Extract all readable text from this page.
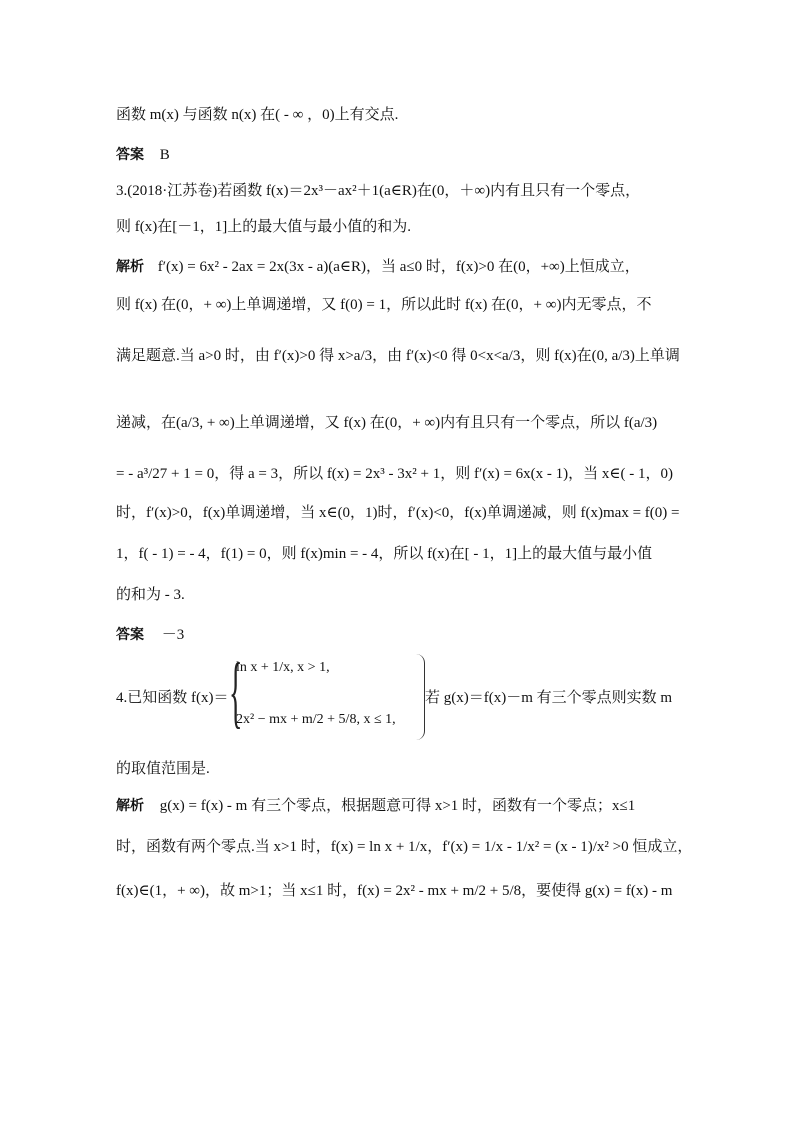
函数 m(x) 与函数 n(x) 在( - ∞ ，0)上有交点.
答案 B
3.(2018·江苏卷)若函数 f(x)＝2x³－ax²＋1(a∈R)在(0，＋∞)内有且只有一个零点，
则 f(x)在[－1，1]上的最大值与最小值的和为.
解析 f′(x) = 6x² - 2ax = 2x(3x - a)(a∈R)，当 a≤0 时，f(x)>0 在(0，+∞)上恒成立，
则 f(x) 在(0，+ ∞)上单调递增，又 f(0) = 1，所以此时 f(x) 在(0，+ ∞)内无零点，不
满足题意.当 a>0 时，由 f′(x)>0 得 x>a/3，由 f′(x)<0 得 0<x<a/3，则 f(x)在(0, a/3)上单调
递减，在(a/3, + ∞)上单调递增，又 f(x) 在(0，+ ∞)内有且只有一个零点，所以 f(a/3)
= - a³/27 + 1 = 0，得 a = 3，所以 f(x) = 2x³ - 3x² + 1，则 f′(x) = 6x(x - 1)，当 x∈( - 1，0)
时，f′(x)>0，f(x)单调递增，当 x∈(0，1)时，f′(x)<0，f(x)单调递减，则 f(x)max = f(0) =
1，f( - 1) = - 4，f(1) = 0，则 f(x)min = - 4，所以 f(x)在[ - 1，1]上的最大值与最小值
的和为 - 3.
答案 －3
4.已知函数 f(x)＝ {
ln x + 1/x, x > 1,
2x² − mx + m/2 + 5/8, x ≤ 1,
若 g(x)＝f(x)－m 有三个零点则实数 m
的取值范围是.
解析 g(x) = f(x) - m 有三个零点，根据题意可得 x>1 时，函数有一个零点；x≤1
时，函数有两个零点.当 x>1 时，f(x) = ln x + 1/x，f′(x) = 1/x - 1/x² = (x - 1)/x² >0 恒成立，
f(x)∈(1，+ ∞)，故 m>1；当 x≤1 时，f(x) = 2x² - mx + m/2 + 5/8，要使得 g(x) = f(x) - m
